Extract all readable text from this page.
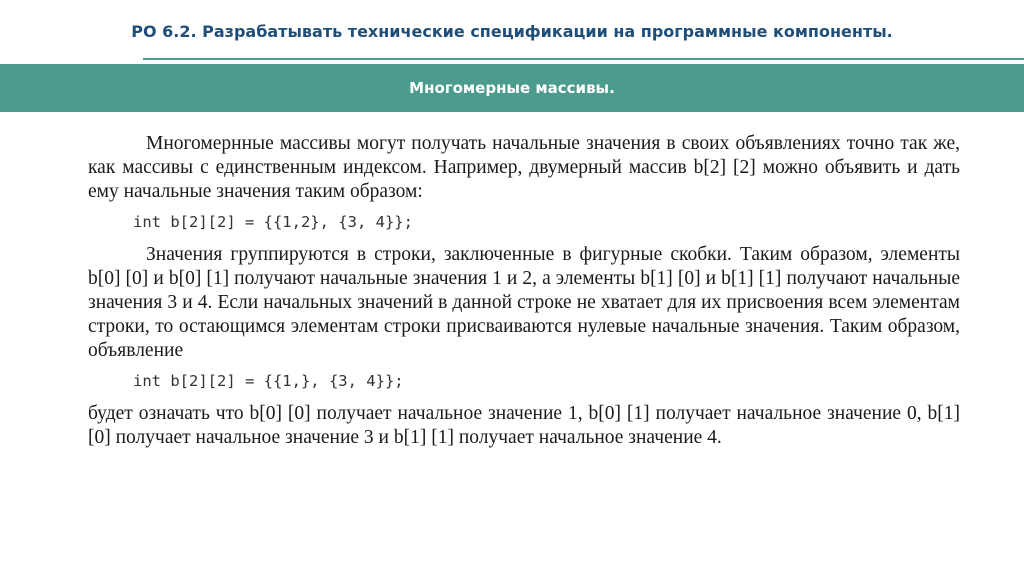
РО 6.2. Разрабатывать технические спецификации на программные компоненты.
Многомерные массивы.

Многомернные массивы могут получать начальные значения в своих объявлениях точно так же, как массивы с единственным индексом. Например, двумерный массив b[2] [2] можно объявить и дать ему начальные значения таким образом:

int b[2][2] = {{1,2}, {3, 4}};

Значения группируются в строки, заключенные в фигурные скобки. Таким образом, элементы b[0] [0] и b[0] [1] получают начальные значения 1 и 2, а элементы b[1] [0] и b[1] [1] получают начальные значения 3 и 4. Если начальных значений в данной строке не хватает для их присвоения всем элементам строки, то остающимся элементам строки присваиваются нулевые начальные значения. Таким образом, объявление

int b[2][2] = {{1,}, {3, 4}};

будет означать что b[0] [0] получает начальное значение 1, b[0] [1] получает начальное значение 0, b[1] [0] получает начальное значение 3 и b[1] [1] получает начальное значение 4.
